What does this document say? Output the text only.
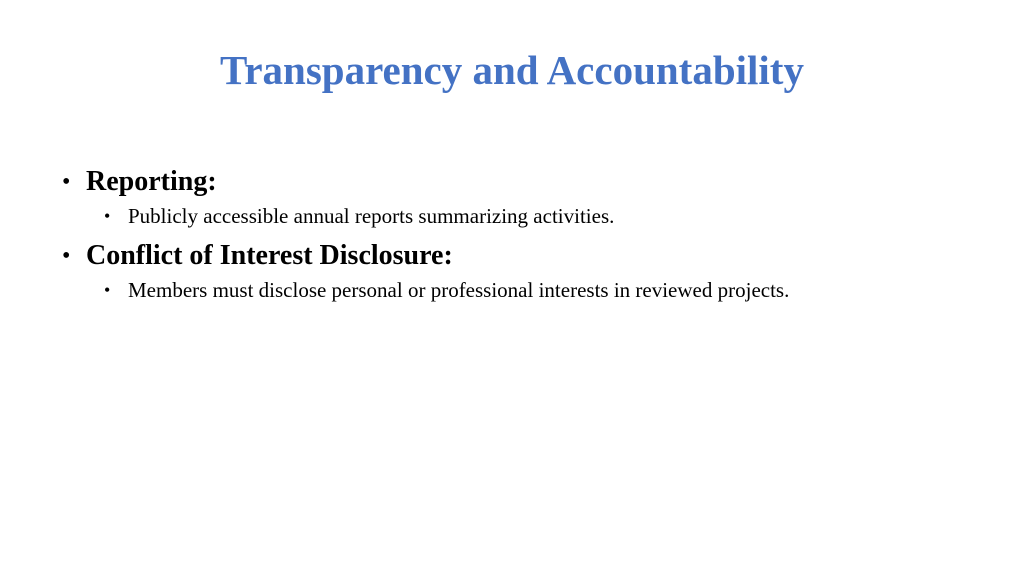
Transparency and Accountability
• Reporting:
• Publicly accessible annual reports summarizing activities.
• Conflict of Interest Disclosure:
• Members must disclose personal or professional interests in reviewed projects.
